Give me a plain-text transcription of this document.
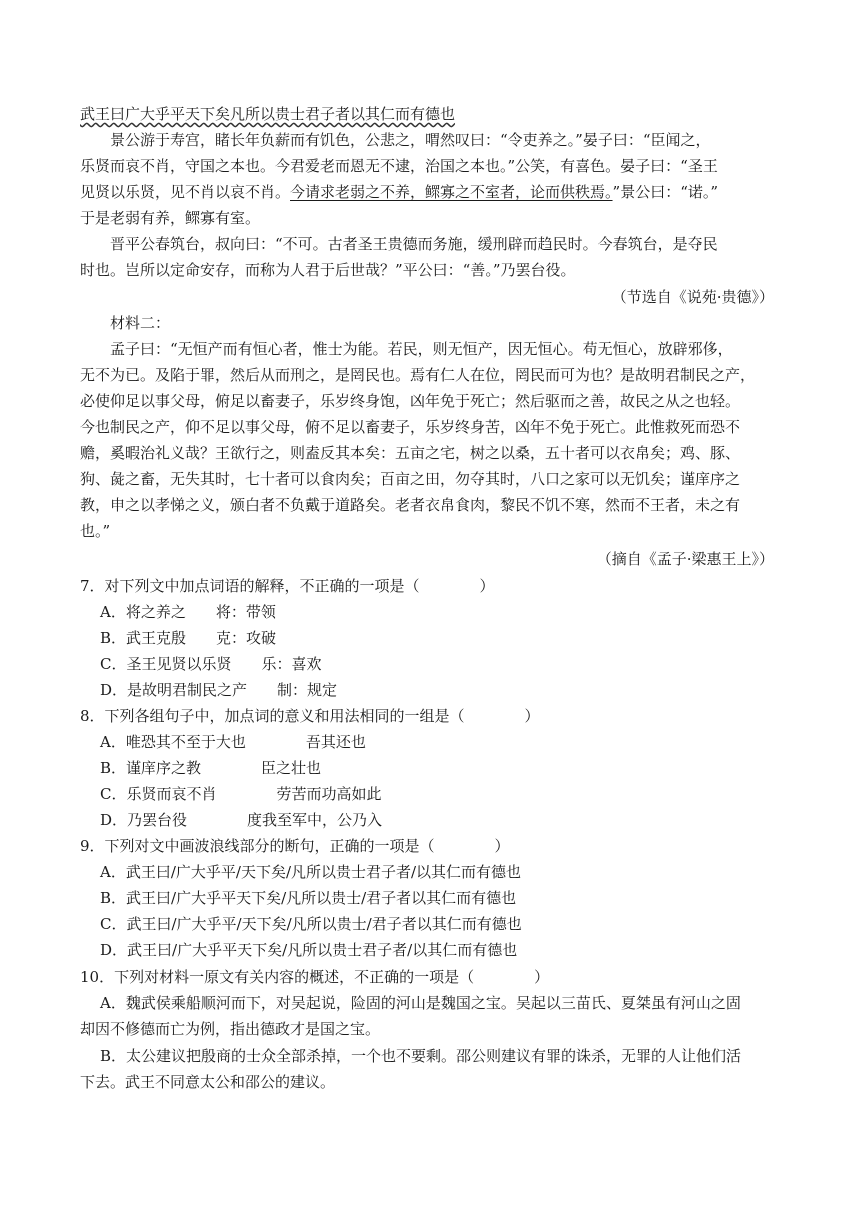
武王曰广大乎平天下矣凡所以贵士君子者以其仁而有德也
景公游于寿宫，睹长年负薪而有饥色，公悲之，喟然叹曰：“令吏养之。”晏子曰：“臣闻之，
乐贤而哀不肖，守国之本也。今君爱老而恩无不逮，治国之本也。”公笑，有喜色。晏子曰：“圣王
见贤以乐贤，见不肖以哀不肖。今请求老弱之不养，鳏寡之不室者，论而供秩焉。”景公曰：“诺。”
于是老弱有养，鳏寡有室。
晋平公春筑台，叔向曰：“不可。古者圣王贵德而务施，缓刑辟而趋民时。今春筑台，是夺民
时也。岂所以定命安存，而称为人君于后世哉？”平公曰：“善。”乃罢台役。
（节选自《说苑·贵德》）
材料二：
孟子曰：“无恒产而有恒心者，惟士为能。若民，则无恒产，因无恒心。苟无恒心，放辟邪侈，
无不为已。及陷于罪，然后从而刑之，是罔民也。焉有仁人在位，罔民而可为也？是故明君制民之产，
必使仰足以事父母，俯足以畜妻子，乐岁终身饱，凶年免于死亡；然后驱而之善，故民之从之也轻。
今也制民之产，仰不足以事父母，俯不足以畜妻子，乐岁终身苦，凶年不免于死亡。此惟救死而恐不
赡，奚暇治礼义哉？王欲行之，则盍反其本矣：五亩之宅，树之以桑，五十者可以衣帛矣；鸡、豚、
狗、彘之畜，无失其时，七十者可以食肉矣；百亩之田，勿夺其时，八口之家可以无饥矣；谨庠序之
教，申之以孝悌之义，颁白者不负戴于道路矣。老者衣帛食肉，黎民不饥不寒，然而不王者，未之有
也。”
（摘自《孟子·梁惠王上》）
7．对下列文中加点词语的解释，不正确的一项是（　　　　）
A．将之养之　　将：带领
B．武王克殷　　克：攻破
C．圣王见贤以乐贤　　乐：喜欢
D．是故明君制民之产　　制：规定
8．下列各组句子中，加点词的意义和用法相同的一组是（　　　　）
A．唯恐其不至于大也　　　　吾其还也
B．谨庠序之教　　　　臣之壮也
C．乐贤而哀不肖　　　　劳苦而功高如此
D．乃罢台役　　　　度我至军中，公乃入
9．下列对文中画波浪线部分的断句，正确的一项是（　　　　）
A．武王曰/广大乎平/天下矣/凡所以贵士君子者/以其仁而有德也
B．武王曰/广大乎平天下矣/凡所以贵士/君子者以其仁而有德也
C．武王曰/广大乎平/天下矣/凡所以贵士/君子者以其仁而有德也
D．武王曰/广大乎平天下矣/凡所以贵士君子者/以其仁而有德也
10．下列对材料一原文有关内容的概述，不正确的一项是（　　　　）
A．魏武侯乘船顺河而下，对吴起说，险固的河山是魏国之宝。吴起以三苗氏、夏桀虽有河山之固
却因不修德而亡为例，指出德政才是国之宝。
B．太公建议把殷商的士众全部杀掉，一个也不要剩。邵公则建议有罪的诛杀，无罪的人让他们活
下去。武王不同意太公和邵公的建议。
